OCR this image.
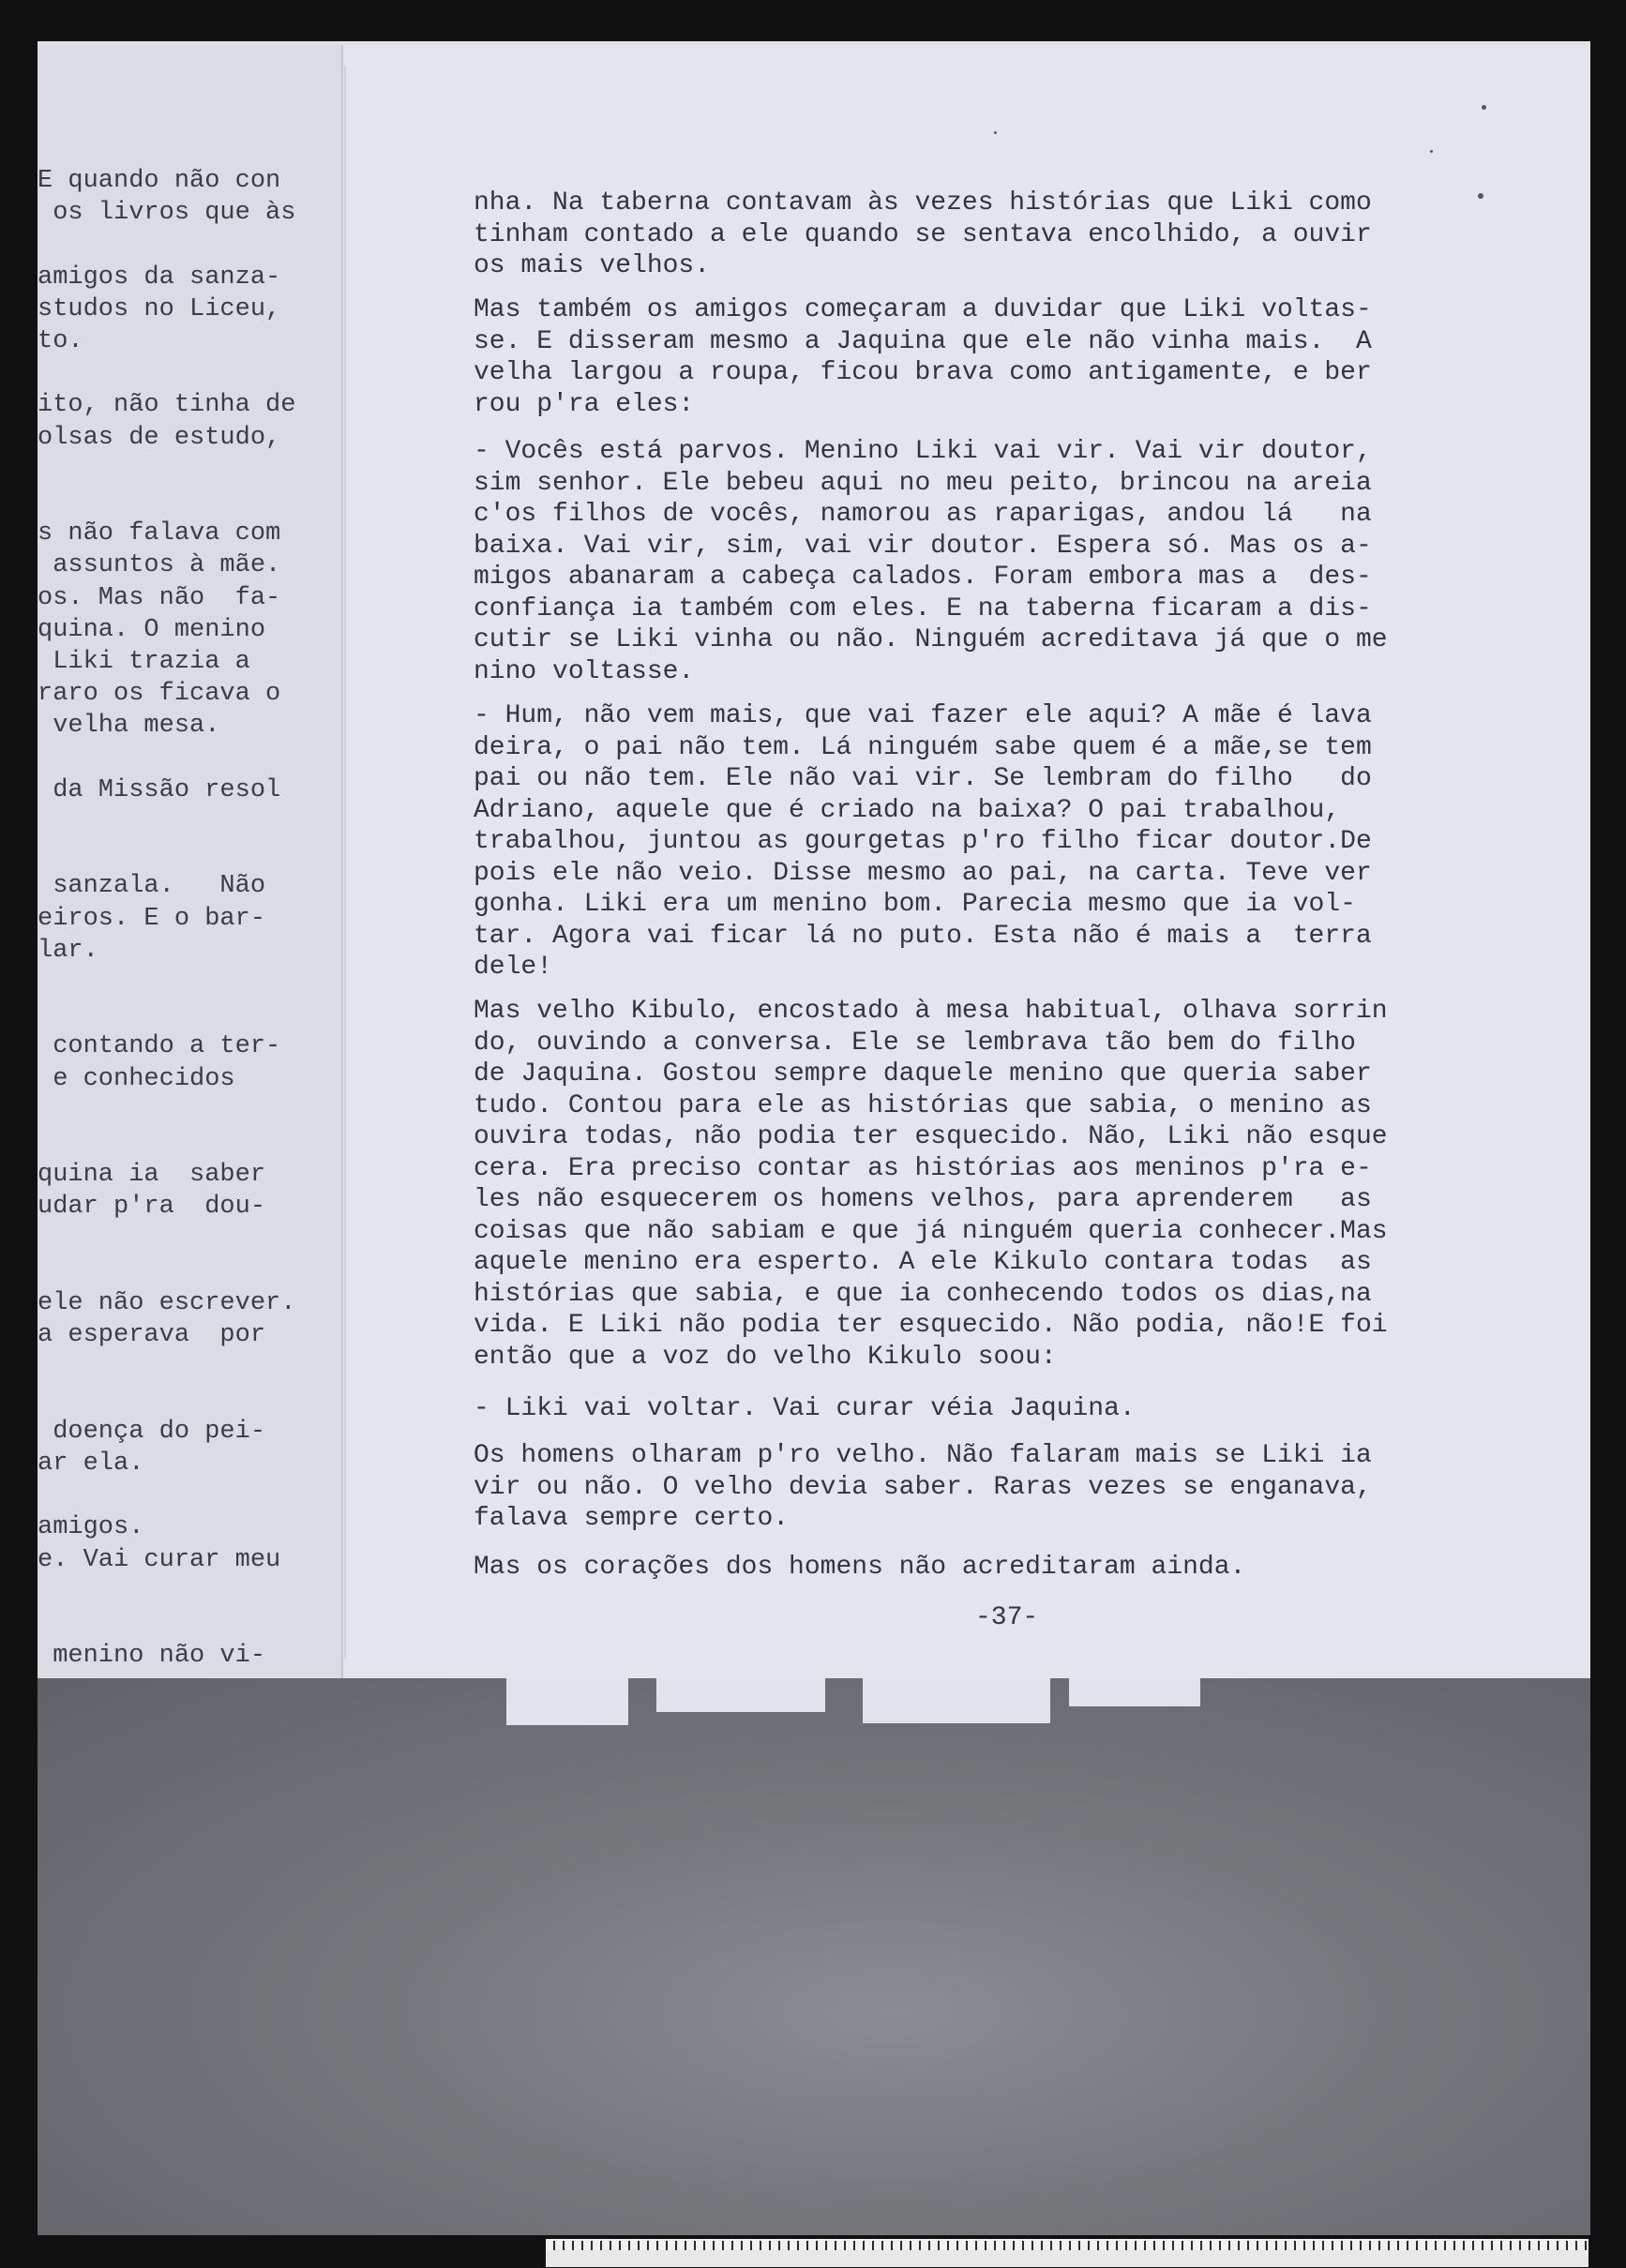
E quando não con
os livros que às
amigos da sanza-
studos no Liceu,
to.
ito, não tinha de
olsas de estudo,
s não falava com
assuntos à mãe.
os. Mas não  fa-
quina. O menino
Liki trazia a
raro os ficava o
velha mesa.
da Missão resol
sanzala.   Não
eiros. E o bar-
lar.
contando a ter-
e conhecidos
quina ia  saber
udar p'ra  dou-
ele não escrever.
a esperava  por
doença do pei-
ar ela.
amigos.
e. Vai curar meu
menino não vi-
nha. Na taberna contavam às vezes histórias que Liki como
tinham contado a ele quando se sentava encolhido, a ouvir
os mais velhos.
Mas também os amigos começaram a duvidar que Liki voltas-
se. E disseram mesmo a Jaquina que ele não vinha mais.  A
velha largou a roupa, ficou brava como antigamente, e ber
rou p'ra eles:
- Vocês está parvos. Menino Liki vai vir. Vai vir doutor,
sim senhor. Ele bebeu aqui no meu peito, brincou na areia
c'os filhos de vocês, namorou as raparigas, andou lá   na
baixa. Vai vir, sim, vai vir doutor. Espera só. Mas os a-
migos abanaram a cabeça calados. Foram embora mas a  des-
confiança ia também com eles. E na taberna ficaram a dis-
cutir se Liki vinha ou não. Ninguém acreditava já que o me
nino voltasse.
- Hum, não vem mais, que vai fazer ele aqui? A mãe é lava
deira, o pai não tem. Lá ninguém sabe quem é a mãe,se tem
pai ou não tem. Ele não vai vir. Se lembram do filho   do
Adriano, aquele que é criado na baixa? O pai trabalhou,
trabalhou, juntou as gourgetas p'ro filho ficar doutor.De
pois ele não veio. Disse mesmo ao pai, na carta. Teve ver
gonha. Liki era um menino bom. Parecia mesmo que ia vol-
tar. Agora vai ficar lá no puto. Esta não é mais a  terra
dele!
Mas velho Kibulo, encostado à mesa habitual, olhava sorrin
do, ouvindo a conversa. Ele se lembrava tão bem do filho
de Jaquina. Gostou sempre daquele menino que queria saber
tudo. Contou para ele as histórias que sabia, o menino as
ouvira todas, não podia ter esquecido. Não, Liki não esque
cera. Era preciso contar as histórias aos meninos p'ra e-
les não esquecerem os homens velhos, para aprenderem   as
coisas que não sabiam e que já ninguém queria conhecer.Mas
aquele menino era esperto. A ele Kikulo contara todas  as
histórias que sabia, e que ia conhecendo todos os dias,na
vida. E Liki não podia ter esquecido. Não podia, não!E foi
então que a voz do velho Kikulo soou:
- Liki vai voltar. Vai curar véia Jaquina.
Os homens olharam p'ro velho. Não falaram mais se Liki ia
vir ou não. O velho devia saber. Raras vezes se enganava,
falava sempre certo.
Mas os corações dos homens não acreditaram ainda.
-37-
